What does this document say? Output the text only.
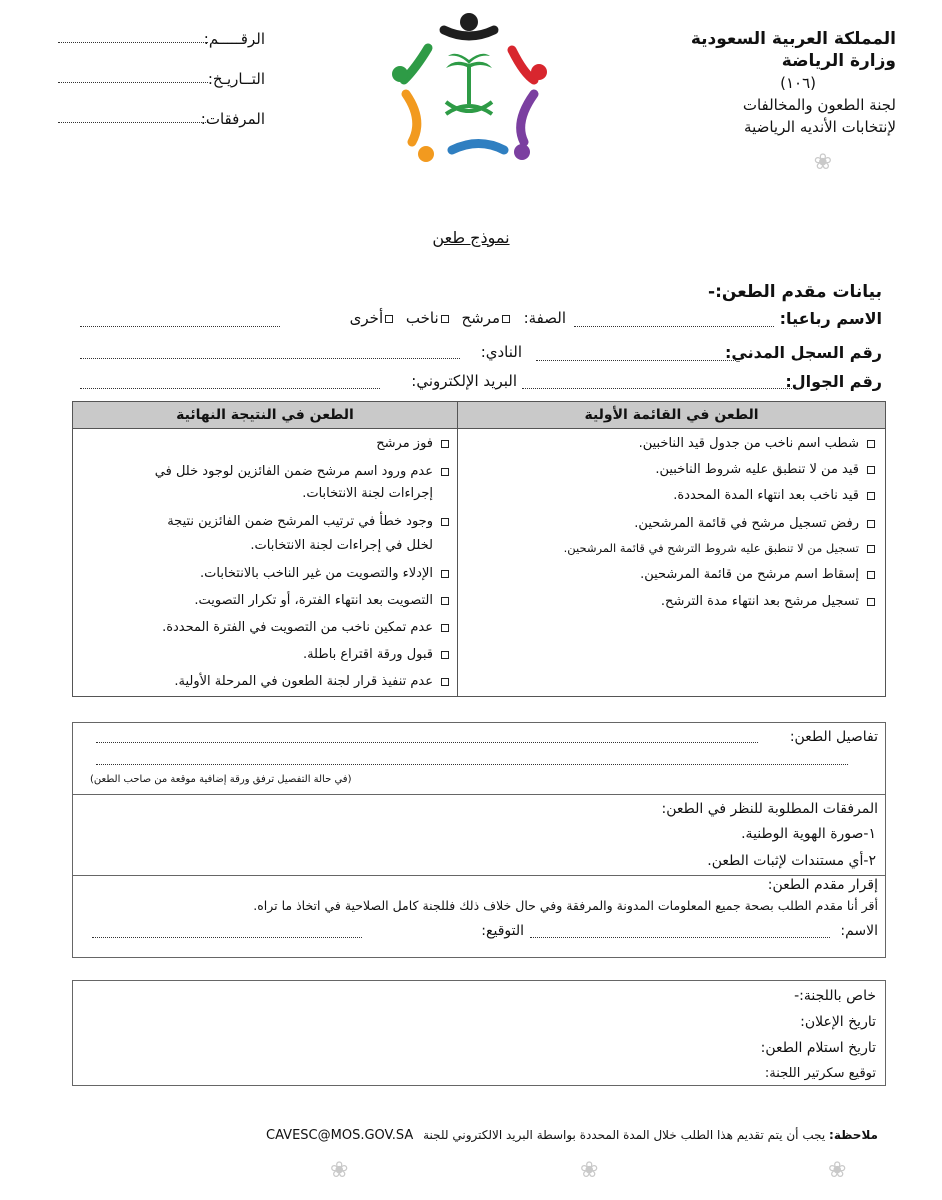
المملكة العربية السعودية
وزارة الرياضة
(١٠٦)
لجنة الطعون والمخالفات
لإنتخابات الأنديه الرياضية
الرقـــــم:
التــاريـخ:
المرفقات:
❀
نموذج طعن
بيانات مقدم الطعن:-
الاسم رباعيا:
الصفة:
مرشح ناخب أخرى
رقم السجل المدني:
النادي:
رقم الجوال:
البريد الإلكتروني:
الطعن في القائمة الأولية
الطعن في النتيجة النهائية
شطب اسم ناخب من جدول قيد الناخبين.
قيد من لا تنطبق عليه شروط الناخبين.
قيد ناخب بعد انتهاء المدة المحددة.
رفض تسجيل مرشح في قائمة المرشحين.
تسجيل من لا تنطبق عليه شروط الترشح في قائمة المرشحين.
إسقاط اسم مرشح من قائمة المرشحين.
تسجيل مرشح بعد انتهاء مدة الترشح.
فوز مرشح
عدم ورود اسم مرشح ضمن الفائزين لوجود خلل في
إجراءات لجنة الانتخابات.
وجود خطأ في ترتيب المرشح ضمن الفائزين نتيجة
لخلل في إجراءات لجنة الانتخابات.
الإدلاء والتصويت من غير الناخب بالانتخابات.
التصويت بعد انتهاء الفترة، أو تكرار التصويت.
عدم تمكين ناخب من التصويت في الفترة المحددة.
قبول ورقة اقتراع باطلة.
عدم تنفيذ قرار لجنة الطعون في المرحلة الأولية.
تفاصيل الطعن:
(في حالة التفصيل ترفق ورقة إضافية موقعة من صاحب الطعن)
المرفقات المطلوبة للنظر في الطعن:
١-صورة الهوية الوطنية.
٢-أي مستندات لإثبات الطعن.
إقرار مقدم الطعن:
أقر أنا مقدم الطلب بصحة جميع المعلومات المدونة والمرفقة وفي حال خلاف ذلك فللجنة كامل الصلاحية في اتخاذ ما تراه.
الاسم:
التوقيع:
خاص باللجنة:-
تاريخ الإعلان:
تاريخ استلام الطعن:
توقيع سكرتير اللجنة:
ملاحظة: يجب أن يتم تقديم هذا الطلب خلال المدة المحددة بواسطة البريد الالكتروني للجنة CAVESC@MOS.GOV.SA
❀	❀	❀
